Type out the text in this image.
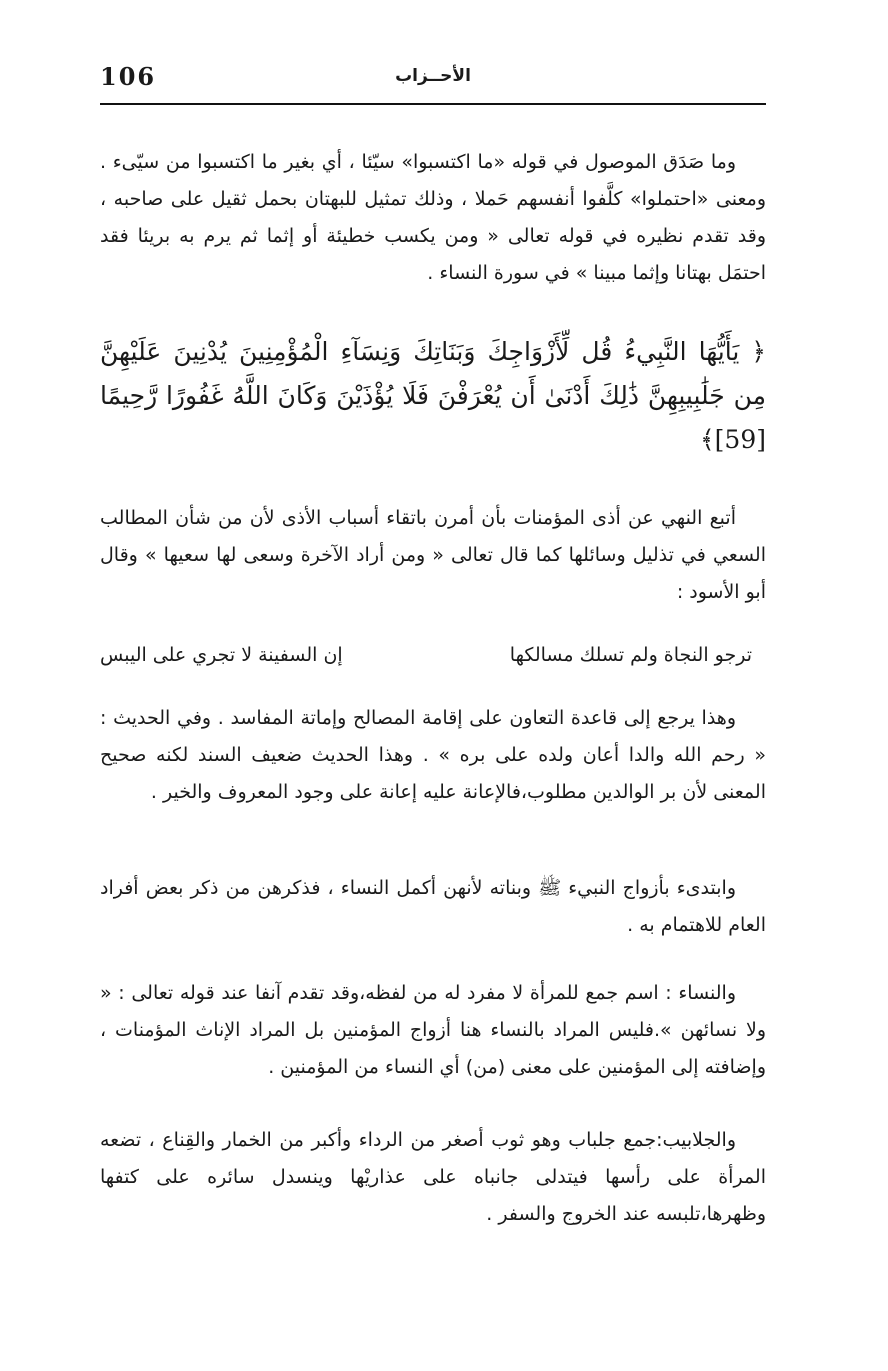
106	الأحــزاب

وما صَدَق الموصول في قوله «ما اكتسبوا» سيّئا ، أي بغير ما اكتسبوا من سيّىء . ومعنى «احتملوا» كلَّفوا أنفسهم حَملا ، وذلك تمثيل للبهتان بحمل ثقيل على صاحبه ، وقد تقدم نظيره في قوله تعالى « ومن يكسب خطيئة أو إثما ثم يرم به بريئا فقد احتمَل بهتانا وإثما مبينا » في سورة النساء .

﴿ يَأَيُّهَا النَّبِيءُ قُل لِّأَزْوَاجِكَ وَبَنَاتِكَ وَنِسَآءِ الْمُؤْمِنِينَ يُدْنِينَ عَلَيْهِنَّ مِن جَلَٰبِيبِهِنَّ ذَٰلِكَ أَدْنَىٰ أَن يُعْرَفْنَ فَلَا يُؤْذَيْنَ وَكَانَ اللَّهُ غَفُورًا رَّحِيمًا [59]﴾

أتبع النهي عن أذى المؤمنات بأن أمرن باتقاء أسباب الأذى لأن من شأن المطالب السعي في تذليل وسائلها كما قال تعالى « ومن أراد الآخرة وسعى لها سعيها » وقال أبو الأسود :

ترجو النجاة ولم تسلك مسالكها
إن السفينة لا تجري على اليبس

وهذا يرجع إلى قاعدة التعاون على إقامة المصالح وإماتة المفاسد . وفي الحديث : « رحم الله والدا أعان ولده على بره » . وهذا الحديث ضعيف السند لكنه صحيح المعنى لأن بر الوالدين مطلوب،فالإعانة عليه إعانة على وجود المعروف والخير .

وابتدىء بأزواج النبيء ﷺ وبناته لأنهن أكمل النساء ، فذكرهن من ذكر بعض أفراد العام للاهتمام به .

والنساء : اسم جمع للمرأة لا مفرد له من لفظه،وقد تقدم آنفا عند قوله تعالى : « ولا نسائهن ».فليس المراد بالنساء هنا أزواج المؤمنين بل المراد الإناث المؤمنات ، وإضافته إلى المؤمنين على معنى (من) أي النساء من المؤمنين .

والجلابيب:جمع جلباب وهو ثوب أصغر من الرداء وأكبر من الخمار والقِناع ، تضعه المرأة على رأسها فيتدلى جانباه على عذاريْها وينسدل سائره على كتفها وظهرها،تلبسه عند الخروج والسفر .
